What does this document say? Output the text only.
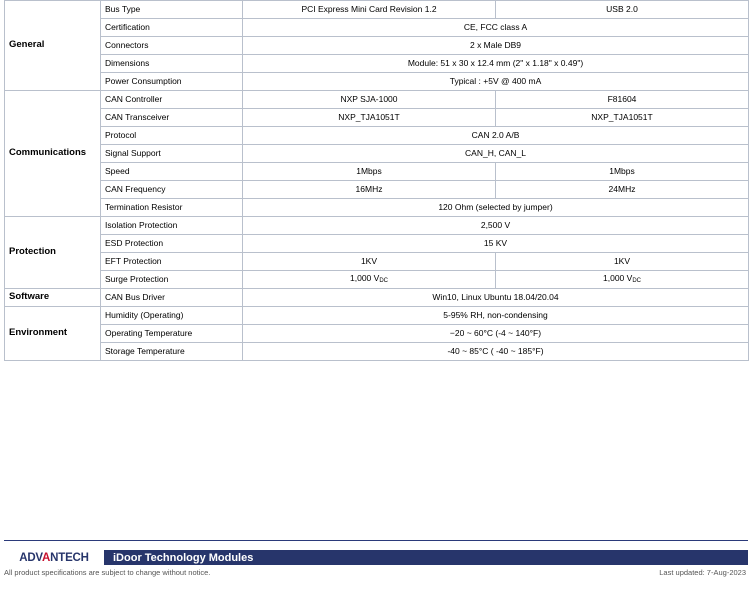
General	Bus Type	PCI Express Mini Card Revision 1.2	USB 2.0
	Certification	CE, FCC class A	
	Connectors	2 x Male DB9	
	Dimensions	Module: 51 x 30 x 12.4 mm (2" x 1.18" x 0.49")	
	Power Consumption	Typical : +5V @ 400 mA	
Communications	CAN Controller	NXP SJA-1000	F81604
	CAN Transceiver	NXP_TJA1051T	NXP_TJA1051T
	Protocol	CAN 2.0 A/B	
	Signal Support	CAN_H, CAN_L	
	Speed	1Mbps	1Mbps
	CAN Frequency	16MHz	24MHz
	Termination Resistor	120 Ohm (selected by jumper)	
Protection	Isolation Protection	2,500 V	
	ESD Protection	15 KV	
	EFT Protection	1KV	1KV
	Surge Protection	1,000 VDC	1,000 VDC
Software	CAN Bus Driver	Win10, Linux Ubuntu 18.04/20.04	
Environment	Humidity (Operating)	5-95% RH, non-condensing	
	Operating Temperature	−20 ~ 60°C (-4 ~ 140°F)	
	Storage Temperature	-40 ~ 85°C ( -40 ~ 185°F)	
ADVANTECH iDoor Technology Modules
All product specifications are subject to change without notice.	Last updated: 7-Aug-2023
